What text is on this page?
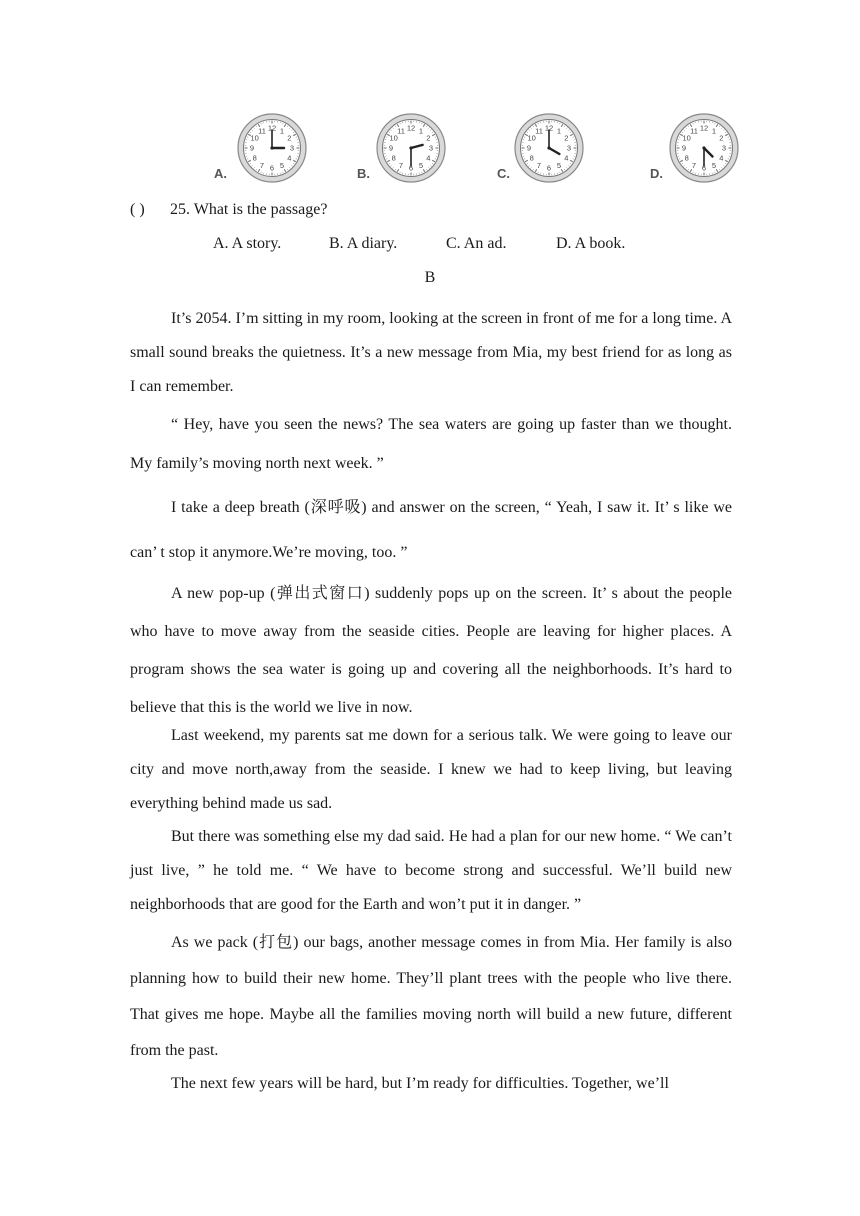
A.
1
2
3
4
5
6
7
8
9
10
11 12
B.
1
2
3
4
5
6
7
8
9
10
11 12
C.
1
2
3
4
5
6
7
8
9
10
11 12
D.
1
2
3
4
5
6
7
8
9
10
11 12
( ) 25. What is the passage?
A. A story.	B. A diary.	C. An ad.	D. A book.
B

It’s 2054. I’m sitting in my room, looking at the screen in front of me for a long time. A small sound breaks the quietness. It’s a new message from Mia, my best friend for as long as I can remember.

“ Hey, have you seen the news? The sea waters are going up faster than we thought. My family’s moving north next week. ”

I take a deep breath (深呼吸) and answer on the screen, “ Yeah, I saw it. It’ s like we can’ t stop it anymore.We’re moving, too. ”

A new pop-up (弹出式窗口) suddenly pops up on the screen. It’ s about the people who have to move away from the seaside cities. People are leaving for higher places. A program shows the sea water is going up and covering all the neighborhoods. It’s hard to believe that this is the world we live in now.

Last weekend, my parents sat me down for a serious talk. We were going to leave our city and move north,away from the seaside. I knew we had to keep living, but leaving everything behind made us sad.

But there was something else my dad said. He had a plan for our new home. “ We can’t just live, ” he told me. “ We have to become strong and successful. We’ll build new neighborhoods that are good for the Earth and won’t put it in danger. ”

As we pack (打包) our bags, another message comes in from Mia. Her family is also planning how to build their new home. They’ll plant trees with the people who live there. That gives me hope. Maybe all the families moving north will build a new future, different from the past.

The next few years will be hard, but I’m ready for difficulties. Together, we’ll
